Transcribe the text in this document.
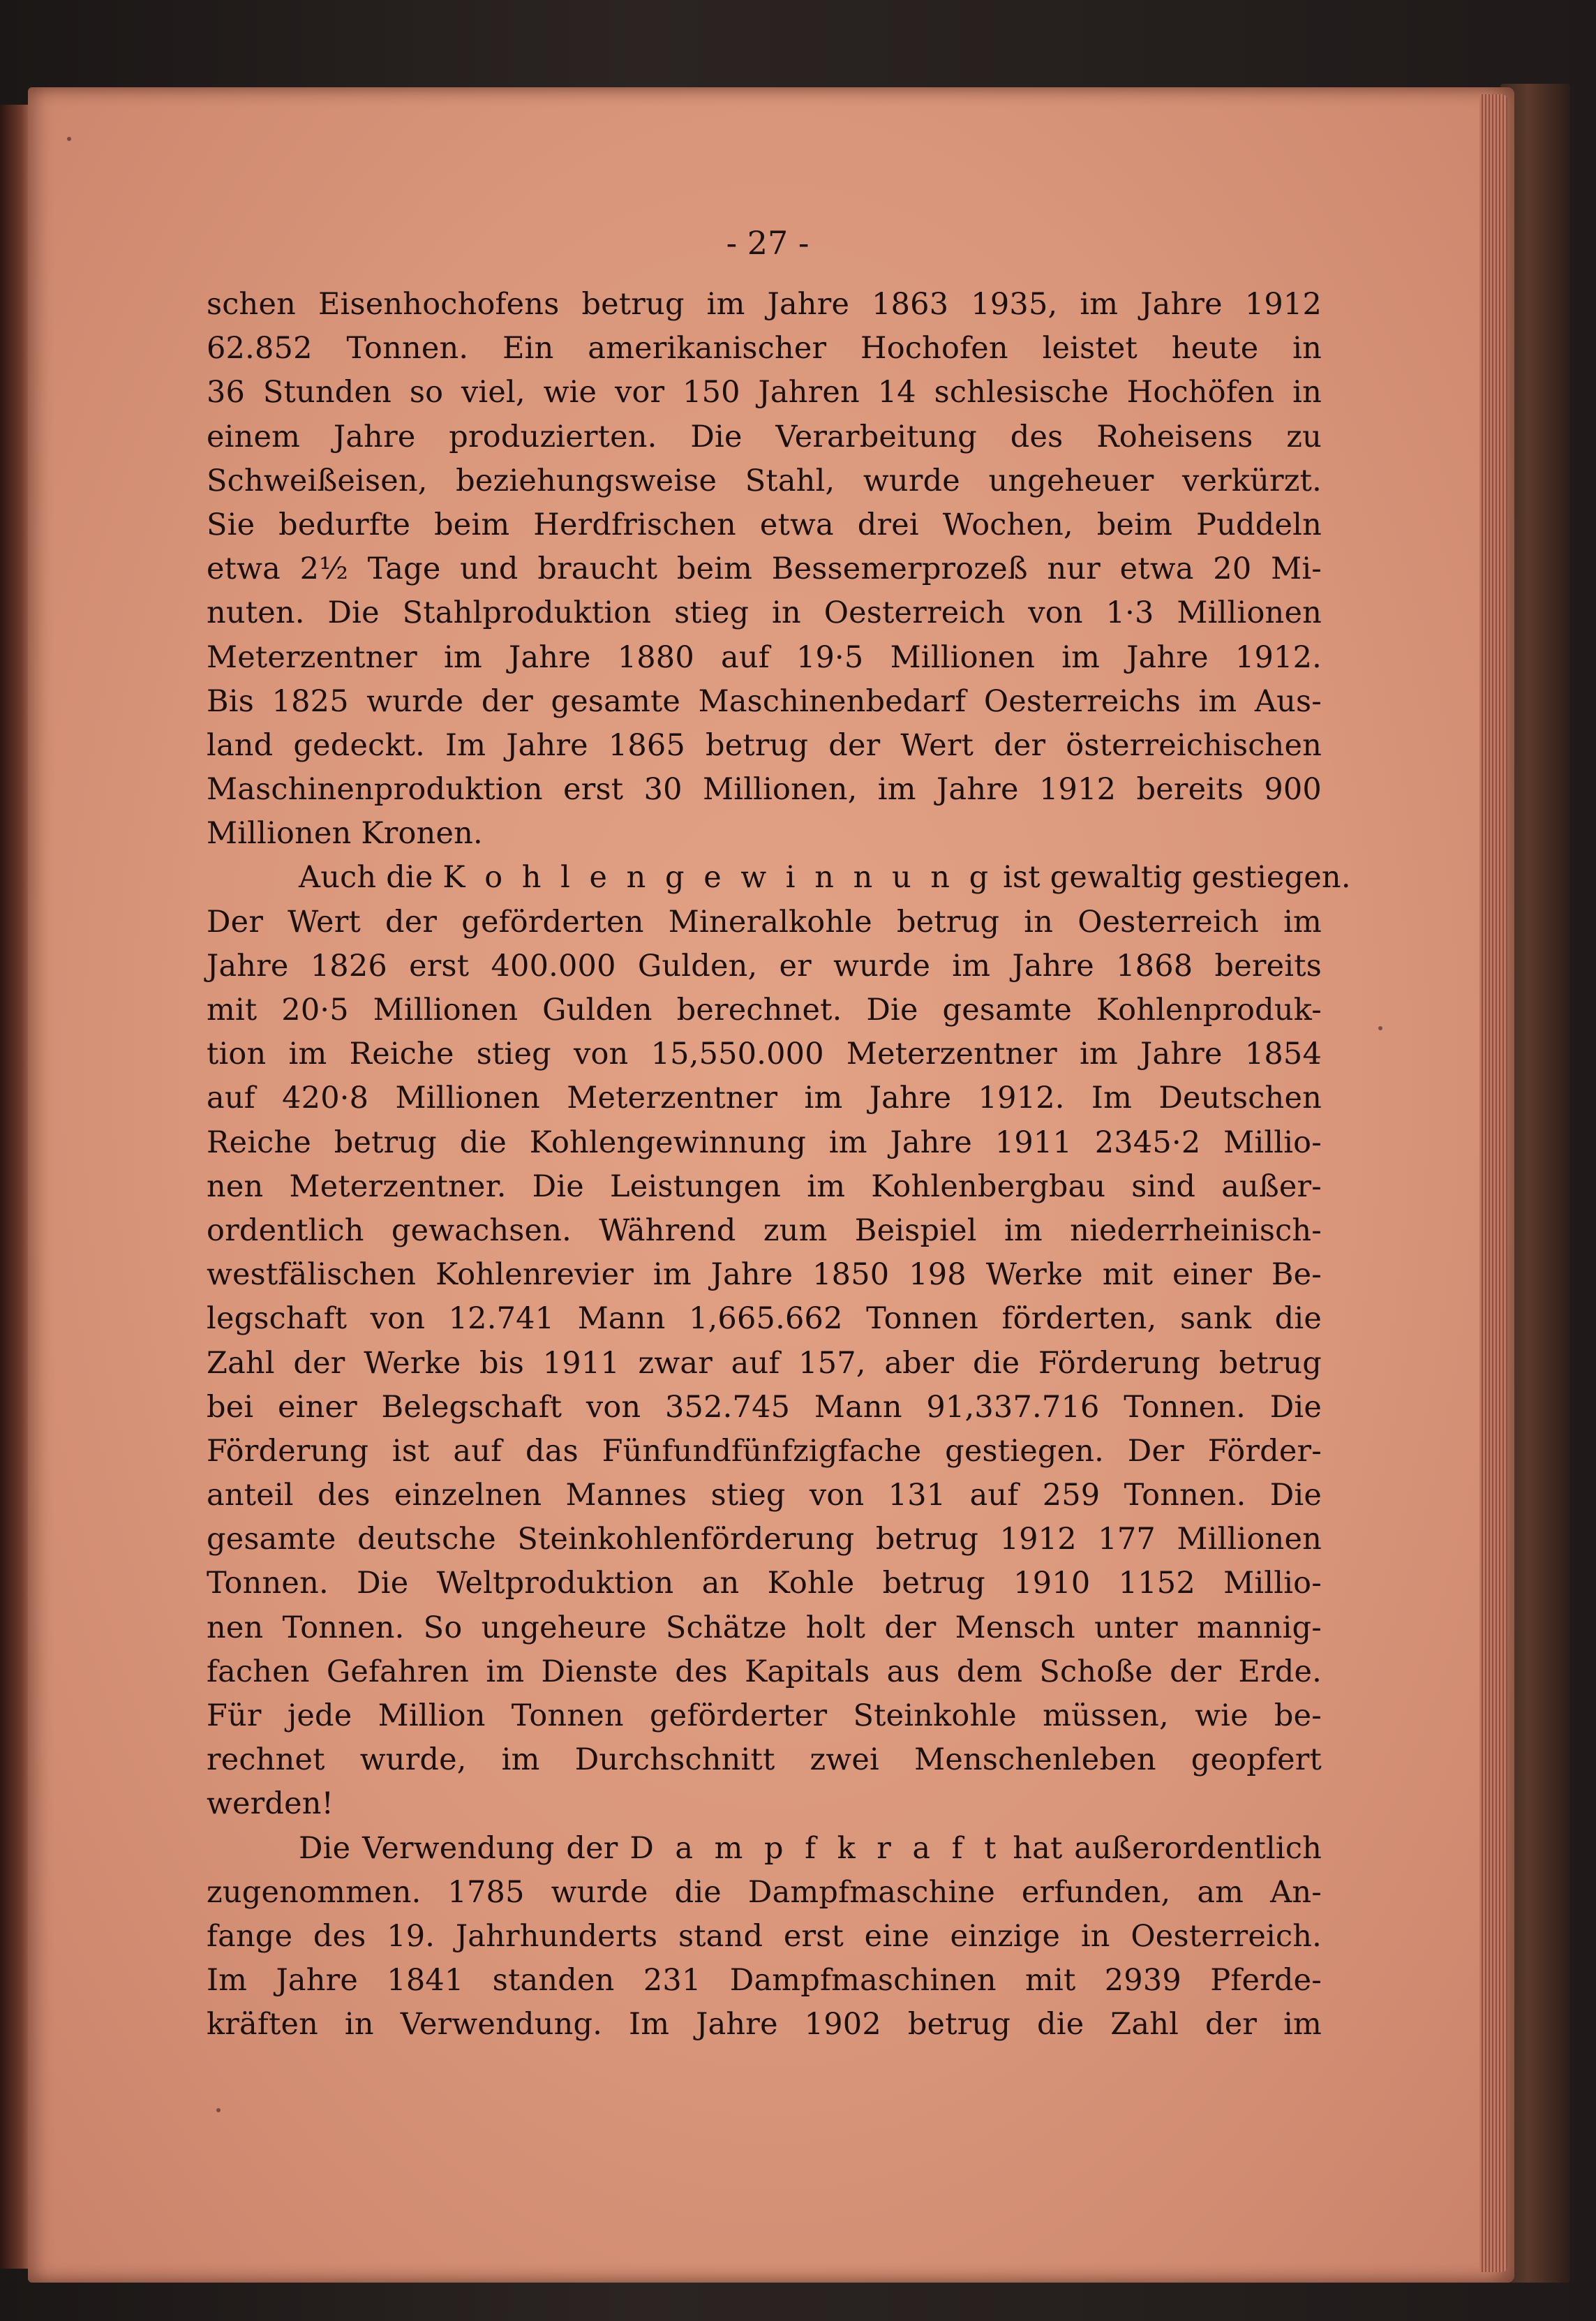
- 27 -
schen Eisenhochofens betrug im Jahre 1863 1935, im Jahre 1912
62.852 Tonnen. Ein amerikanischer Hochofen leistet heute in
36 Stunden so viel, wie vor 150 Jahren 14 schlesische Hochöfen in
einem Jahre produzierten. Die Verarbeitung des Roheisens zu
Schweißeisen, beziehungsweise Stahl, wurde ungeheuer verkürzt.
Sie bedurfte beim Herdfrischen etwa drei Wochen, beim Puddeln
etwa 2½ Tage und braucht beim Bessemerprozeß nur etwa 20 Mi-
nuten. Die Stahlproduktion stieg in Oesterreich von 1·3 Millionen
Meterzentner im Jahre 1880 auf 19·5 Millionen im Jahre 1912.
Bis 1825 wurde der gesamte Maschinenbedarf Oesterreichs im Aus-
land gedeckt. Im Jahre 1865 betrug der Wert der österreichischen
Maschinenproduktion erst 30 Millionen, im Jahre 1912 bereits 900
Millionen Kronen.
Auch die K o h l e n g e w i n n u n g ist gewaltig gestiegen.
Der Wert der geförderten Mineralkohle betrug in Oesterreich im
Jahre 1826 erst 400.000 Gulden, er wurde im Jahre 1868 bereits
mit 20·5 Millionen Gulden berechnet. Die gesamte Kohlenproduk-
tion im Reiche stieg von 15,550.000 Meterzentner im Jahre 1854
auf 420·8 Millionen Meterzentner im Jahre 1912. Im Deutschen
Reiche betrug die Kohlengewinnung im Jahre 1911 2345·2 Millio-
nen Meterzentner. Die Leistungen im Kohlenbergbau sind außer-
ordentlich gewachsen. Während zum Beispiel im niederrheinisch-
westfälischen Kohlenrevier im Jahre 1850 198 Werke mit einer Be-
legschaft von 12.741 Mann 1,665.662 Tonnen förderten, sank die
Zahl der Werke bis 1911 zwar auf 157, aber die Förderung betrug
bei einer Belegschaft von 352.745 Mann 91,337.716 Tonnen. Die
Förderung ist auf das Fünfundfünfzigfache gestiegen. Der Förder-
anteil des einzelnen Mannes stieg von 131 auf 259 Tonnen. Die
gesamte deutsche Steinkohlenförderung betrug 1912 177 Millionen
Tonnen. Die Weltproduktion an Kohle betrug 1910 1152 Millio-
nen Tonnen. So ungeheure Schätze holt der Mensch unter mannig-
fachen Gefahren im Dienste des Kapitals aus dem Schoße der Erde.
Für jede Million Tonnen geförderter Steinkohle müssen, wie be-
rechnet wurde, im Durchschnitt zwei Menschenleben geopfert
werden!
Die Verwendung der D a m p f k r a f t hat außerordentlich
zugenommen. 1785 wurde die Dampfmaschine erfunden, am An-
fange des 19. Jahrhunderts stand erst eine einzige in Oesterreich.
Im Jahre 1841 standen 231 Dampfmaschinen mit 2939 Pferde-
kräften in Verwendung. Im Jahre 1902 betrug die Zahl der im
